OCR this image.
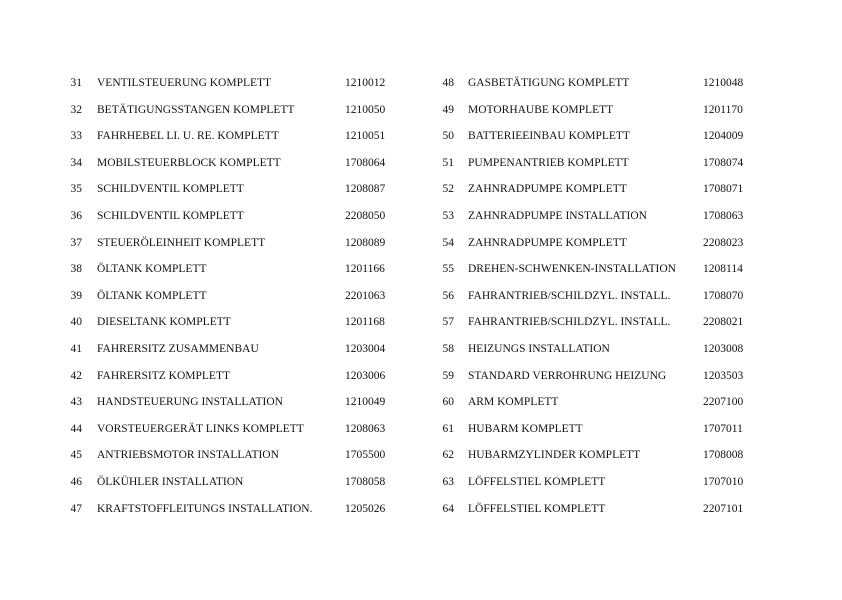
31 VENTILSTEUERUNG KOMPLETT	1210012
32 BETÄTIGUNGSSTANGEN KOMPLETT	1210050
33 FAHRHEBEL LI. U. RE. KOMPLETT	1210051
34 MOBILSTEUERBLOCK KOMPLETT	1708064
35 SCHILDVENTIL KOMPLETT	1208087
36 SCHILDVENTIL KOMPLETT	2208050
37 STEUERÖLEINHEIT KOMPLETT	1208089
38 ÖLTANK KOMPLETT	1201166
39 ÖLTANK KOMPLETT	2201063
40 DIESELTANK KOMPLETT	1201168
41 FAHRERSITZ ZUSAMMENBAU	1203004
42 FAHRERSITZ KOMPLETT	1203006
43 HANDSTEUERUNG INSTALLATION	1210049
44 VORSTEUERGERÄT LINKS KOMPLETT	1208063
45 ANTRIEBSMOTOR INSTALLATION	1705500
46 ÖLKÜHLER INSTALLATION	1708058
47 KRAFTSTOFFLEITUNGS INSTALLATION.	1205026
48 GASBETÄTIGUNG KOMPLETT	1210048
49 MOTORHAUBE KOMPLETT	1201170
50 BATTERIEEINBAU KOMPLETT	1204009
51 PUMPENANTRIEB KOMPLETT	1708074
52 ZAHNRADPUMPE KOMPLETT	1708071
53 ZAHNRADPUMPE INSTALLATION	1708063
54 ZAHNRADPUMPE KOMPLETT	2208023
55 DREHEN-SCHWENKEN-INSTALLATION 1208114
56 FAHRANTRIEB/SCHILDZYL. INSTALL.	1708070
57 FAHRANTRIEB/SCHILDZYL. INSTALL.	2208021
58 HEIZUNGS INSTALLATION	1203008
59 STANDARD VERROHRUNG HEIZUNG	1203503
60 ARM KOMPLETT	2207100
61 HUBARM KOMPLETT	1707011
62 HUBARMZYLINDER KOMPLETT	1708008
63 LÖFFELSTIEL KOMPLETT	1707010
64 LÖFFELSTIEL KOMPLETT	2207101
